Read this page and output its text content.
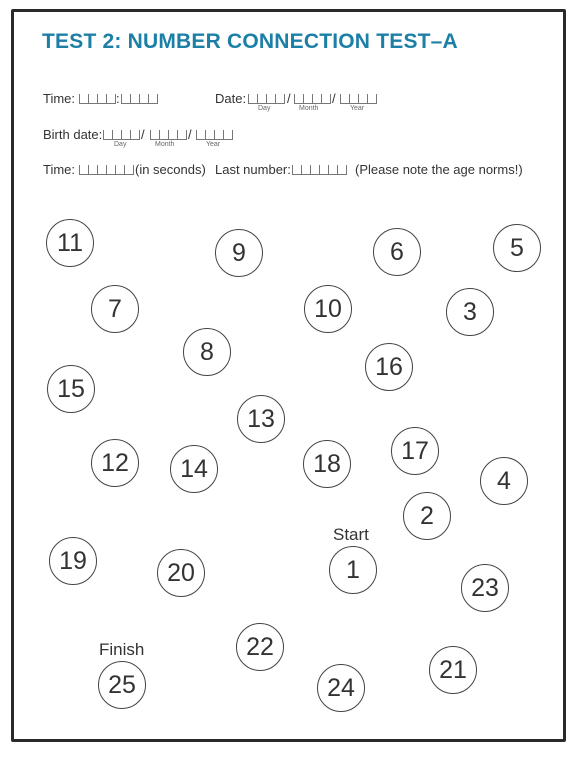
TEST 2: NUMBER CONNECTION TEST–A
Time:	:	Date:
Day
/
Month
/
Year
Birth date:
Day
/
Month
/
Year
Time:	(in seconds) Last number:	(Please note the age norms!)
11	9	6	5
7	10	3
8
16
15
13
12	14	18	17
4
2
19	20	1
23
22
21
25	24
Start
Finish
